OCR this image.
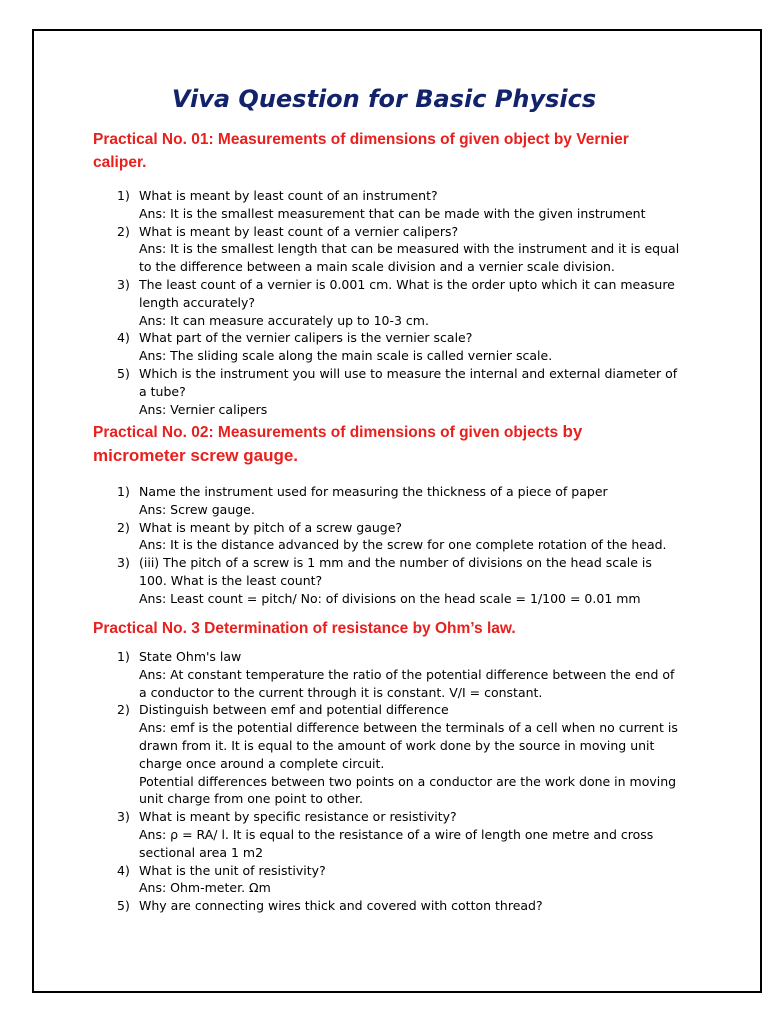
Viva Question for Basic Physics
Practical No. 01: Measurements of dimensions of given object by Vernier caliper.
1) What is meant by least count of an instrument?
Ans: It is the smallest measurement that can be made with the given instrument
2) What is meant by least count of a vernier calipers?
Ans: It is the smallest length that can be measured with the instrument and it is equal to the difference between a main scale division and a vernier scale division.
3) The least count of a vernier is 0.001 cm. What is the order upto which it can measure length accurately?
Ans: It can measure accurately up to 10-3 cm.
4) What part of the vernier calipers is the vernier scale?
Ans: The sliding scale along the main scale is called vernier scale.
5) Which is the instrument you will use to measure the internal and external diameter of a tube?
Ans: Vernier calipers
Practical No. 02: Measurements of dimensions of given objects by
micrometer screw gauge.
1) Name the instrument used for measuring the thickness of a piece of paper
Ans: Screw gauge.
2) What is meant by pitch of a screw gauge?
Ans: It is the distance advanced by the screw for one complete rotation of the head.
3) (iii) The pitch of a screw is 1 mm and the number of divisions on the head scale is 100. What is the least count?
Ans: Least count = pitch/ No: of divisions on the head scale = 1/100 = 0.01 mm
Practical No. 3 Determination of resistance by Ohm’s law.
1) State Ohm's law
Ans: At constant temperature the ratio of the potential difference between the end of a conductor to the current through it is constant. V/I = constant.
2) Distinguish between emf and potential difference
Ans: emf is the potential difference between the terminals of a cell when no current is drawn from it. It is equal to the amount of work done by the source in moving unit charge once around a complete circuit.
Potential differences between two points on a conductor are the work done in moving unit charge from one point to other.
3) What is meant by specific resistance or resistivity?
Ans: ρ = RA/ l. It is equal to the resistance of a wire of length one metre and cross sectional area 1 m2
4) What is the unit of resistivity?
Ans: Ohm-meter. Ωm
5) Why are connecting wires thick and covered with cotton thread?
